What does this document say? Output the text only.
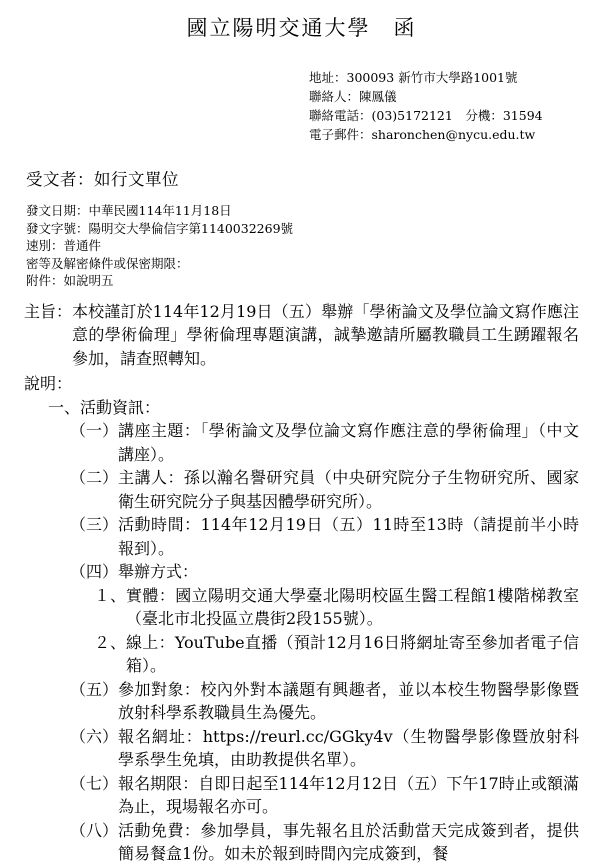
國立陽明交通大學　函
地址：300093 新竹市大學路1001號
聯絡人：陳鳳儀
聯絡電話：(03)5172121　分機：31594
電子郵件：sharonchen@nycu.edu.tw
受文者：如行文單位
發文日期：中華民國114年11月18日
發文字號：陽明交大學倫信字第1140032269號
速別：普通件
密等及解密條件或保密期限：
附件：如說明五
主旨： 本校謹訂於114年12月19日（五）舉辦「學術論文及學位論文寫作應注意的學術倫理」學術倫理專題演講，誠摯邀請所屬教職員工生踴躍報名參加，請查照轉知。
說明：
一、 活動資訊：
（一） 講座主題：「學術論文及學位論文寫作應注意的學術倫理」（中文講座）。
（二） 主講人：孫以瀚名譽研究員（中央研究院分子生物研究所、國家衛生研究院分子與基因體學研究所）。
（三） 活動時間：114年12月19日（五）11時至13時（請提前半小時報到）。
（四） 舉辦方式：
１、 實體：國立陽明交通大學臺北陽明校區生醫工程館1樓階梯教室（臺北市北投區立農街2段155號）。
２、 線上：YouTube直播（預計12月16日將網址寄至參加者電子信箱）。
（五） 參加對象：校內外對本議題有興趣者，並以本校生物醫學影像暨放射科學系教職員生為優先。
（六） 報名網址：https://reurl.cc/GGky4v（生物醫學影像暨放射科學系學生免填，由助教提供名單）。
（七） 報名期限：自即日起至114年12月12日（五）下午17時止或額滿為止，現場報名亦可。
（八） 活動免費：參加學員，事先報名且於活動當天完成簽到者，提供簡易餐盒1份。如未於報到時間內完成簽到，餐
